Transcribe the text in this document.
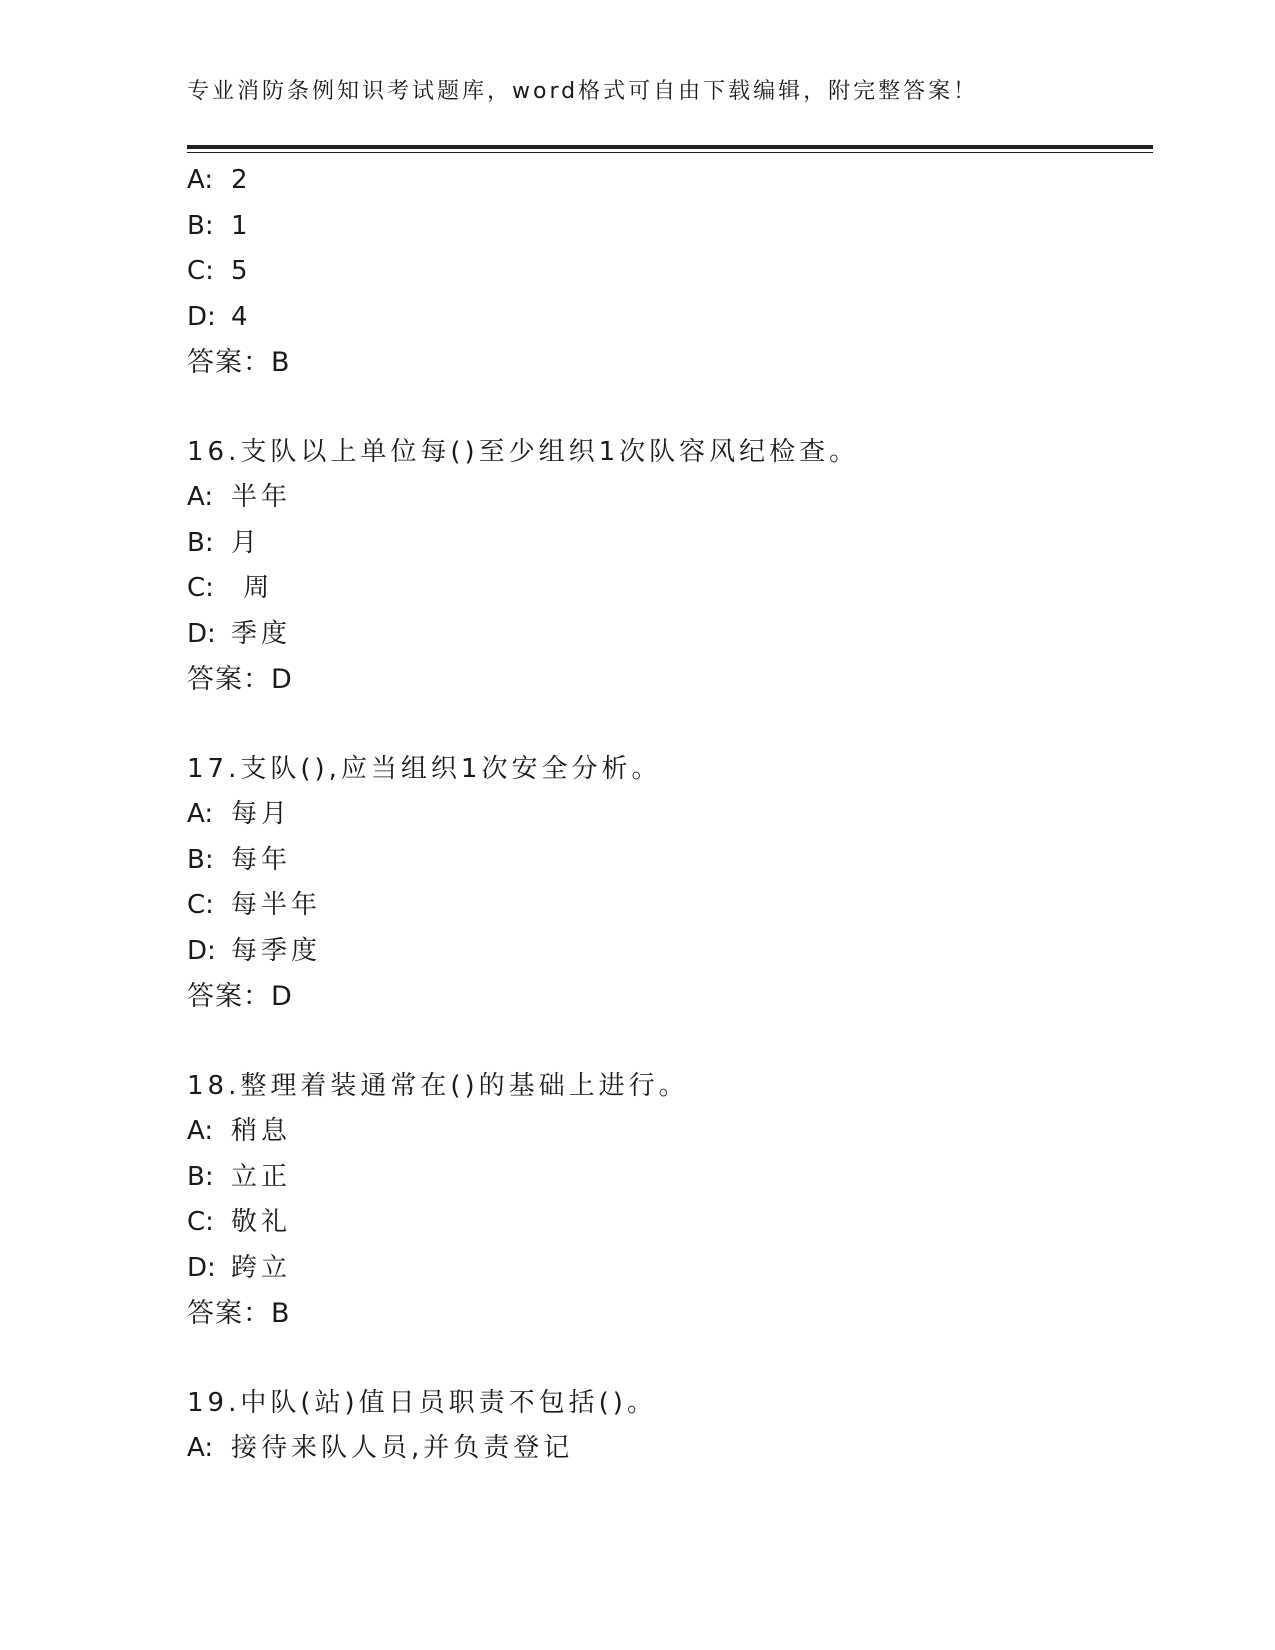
专业消防条例知识考试题库，word格式可自由下载编辑，附完整答案！
A: 2
B: 1
C: 5
D: 4
答案：B
16.支队以上单位每()至少组织1次队容风纪检查。
A: 半年
B: 月
C: 周
D: 季度
答案：D
17.支队(),应当组织1次安全分析。
A: 每月
B: 每年
C: 每半年
D: 每季度
答案：D
18.整理着装通常在()的基础上进行。
A: 稍息
B: 立正
C: 敬礼
D: 跨立
答案：B
19.中队(站)值日员职责不包括()。
A: 接待来队人员,并负责登记
